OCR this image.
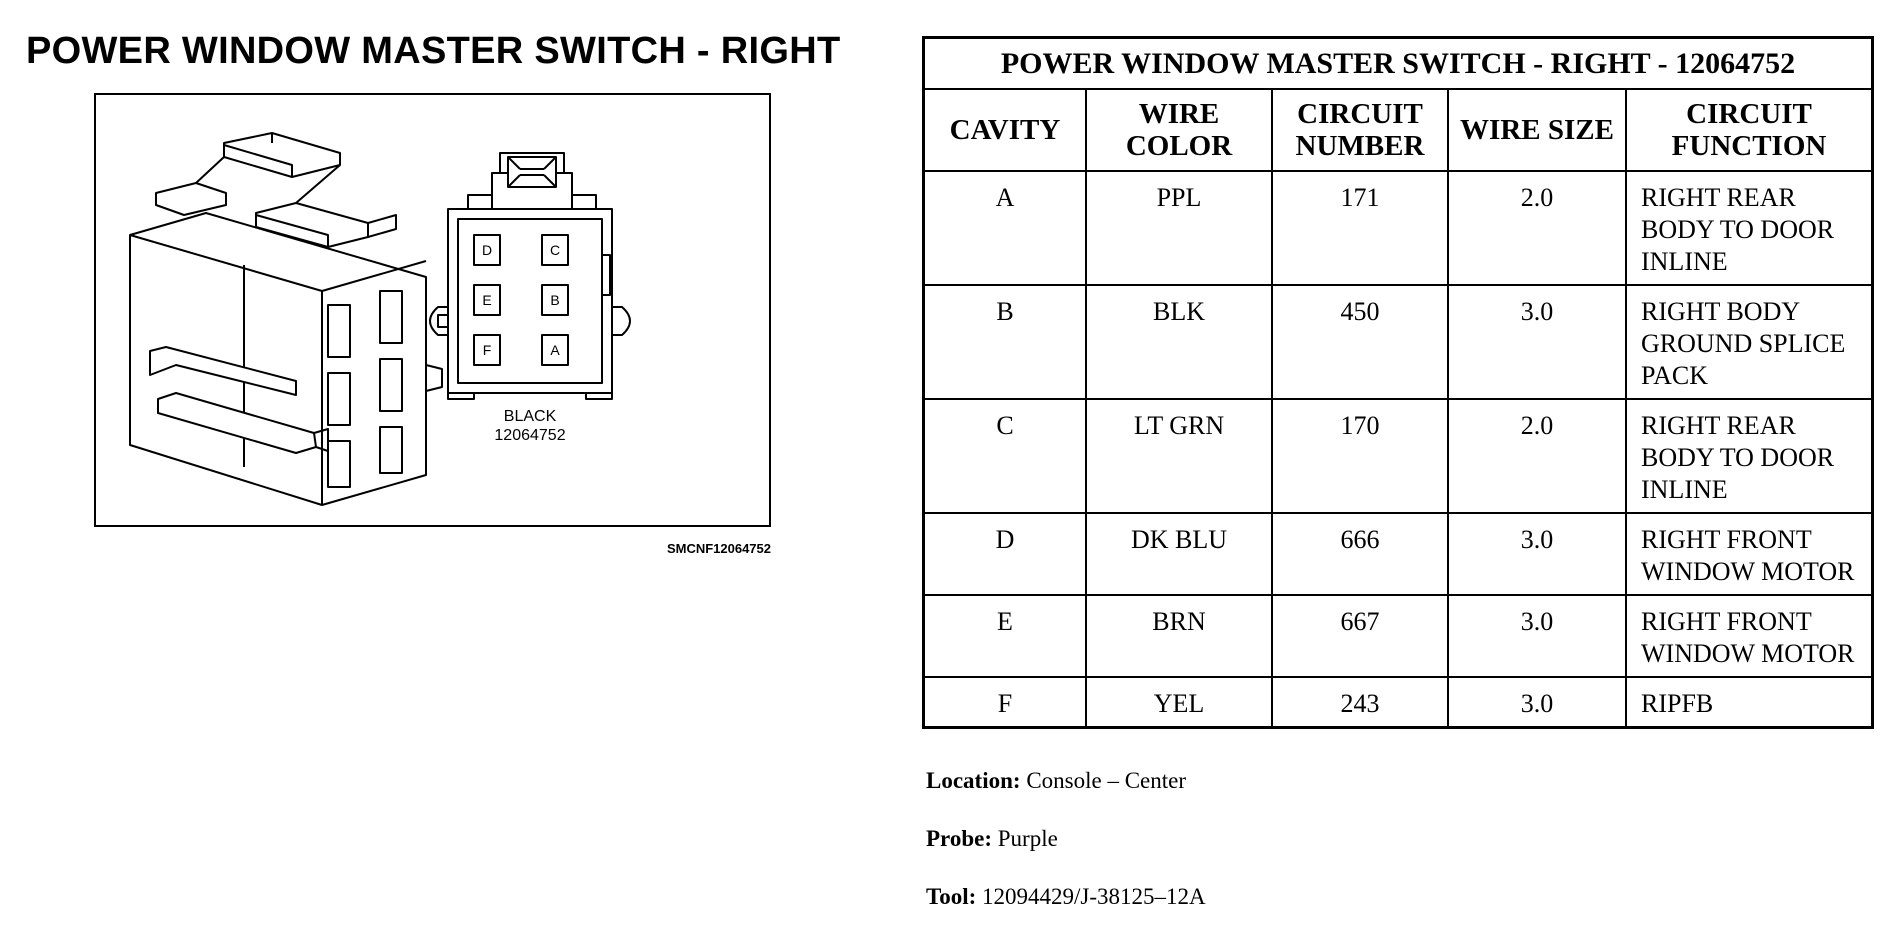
POWER WINDOW MASTER SWITCH - RIGHT
D	C
E	B
F	A
BLACK
12064752
SMCNF12064752
POWER WINDOW MASTER SWITCH - RIGHT - 12064752				
CAVITY	WIRE COLOR	CIRCUIT NUMBER	WIRE SIZE	CIRCUIT FUNCTION
A	PPL	171	2.0	RIGHT REAR
BODY TO DOOR
INLINE
B	BLK	450	3.0	RIGHT BODY
GROUND SPLICE
PACK
C	LT GRN	170	2.0	RIGHT REAR
BODY TO DOOR
INLINE
D	DK BLU	666	3.0	RIGHT FRONT
WINDOW MOTOR
E	BRN	667	3.0	RIGHT FRONT
WINDOW MOTOR
F	YEL	243	3.0	RIPFB
Location: Console – Center
Probe: Purple
Tool: 12094429/J-38125–12A
